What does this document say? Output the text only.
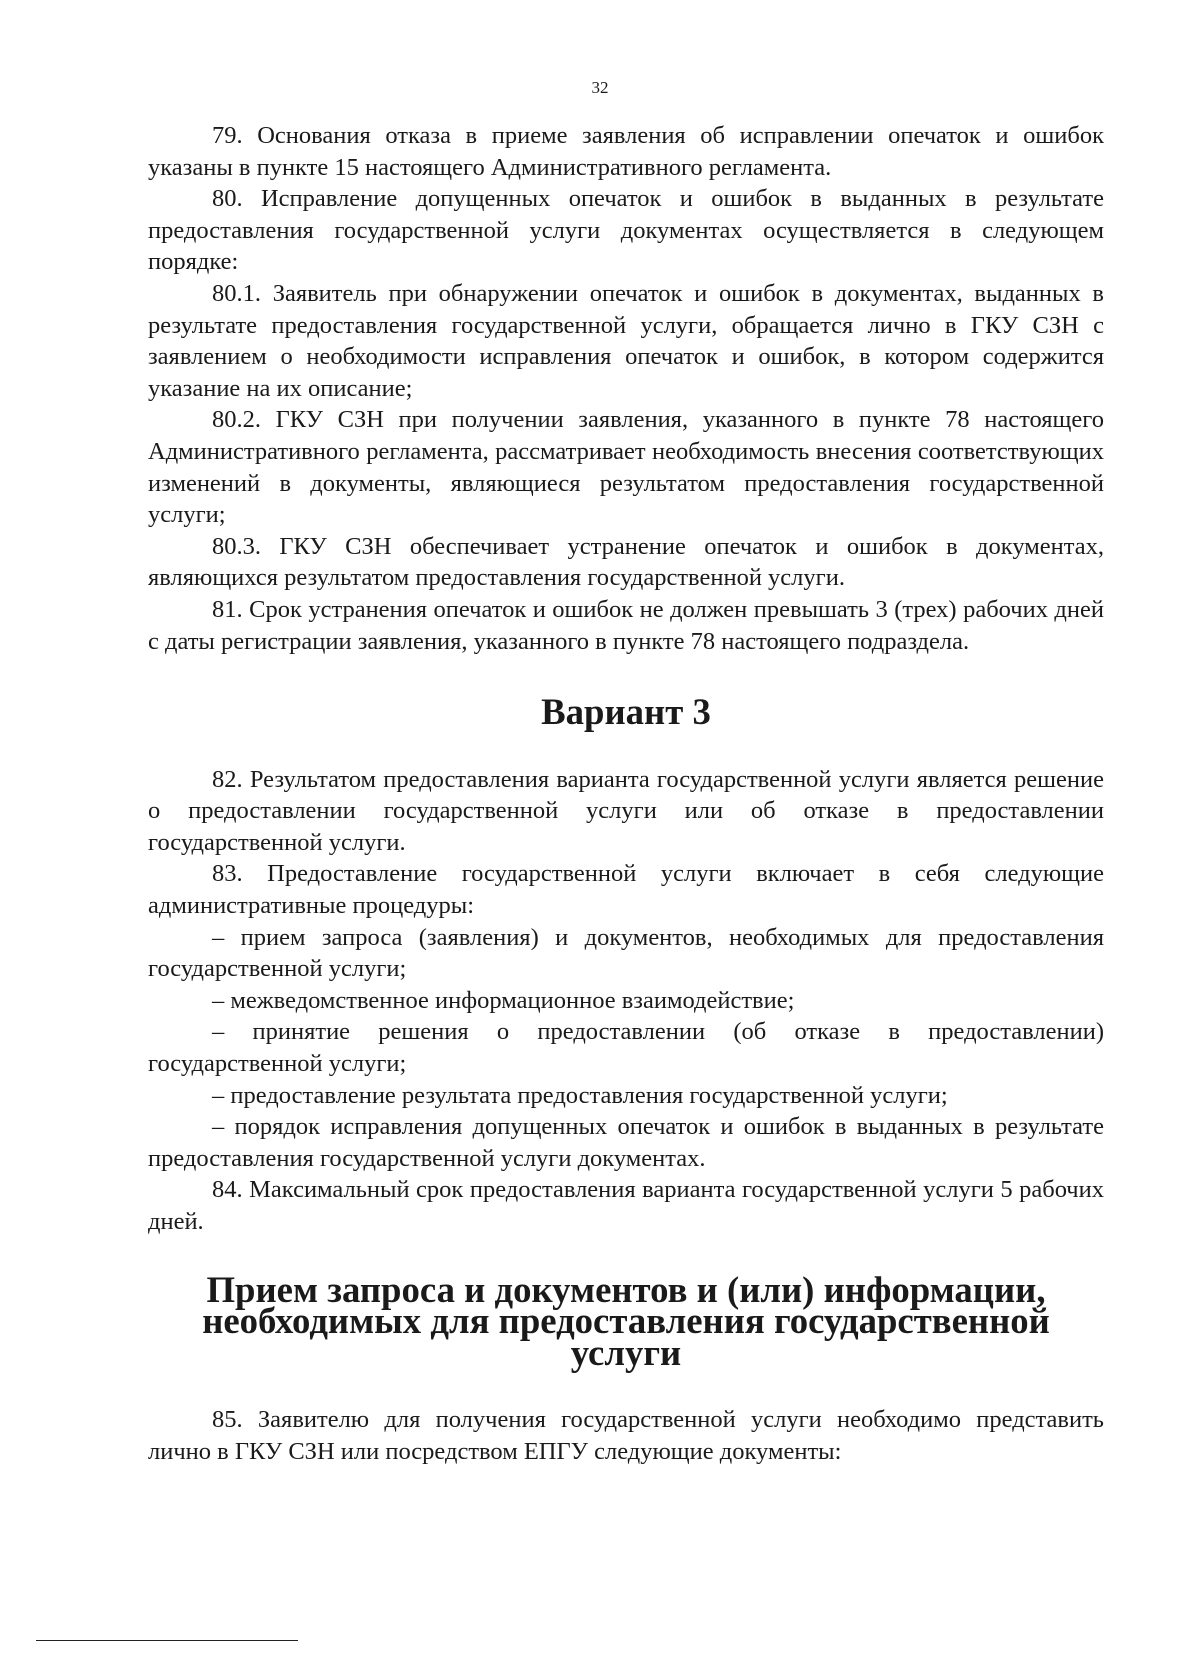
32

79. Основания отказа в приеме заявления об исправлении опечаток и ошибок указаны в пункте 15 настоящего Административного регламента.

80. Исправление допущенных опечаток и ошибок в выданных в результате предоставления государственной услуги документах осуществляется в следующем порядке:

80.1. Заявитель при обнаружении опечаток и ошибок в документах, выданных в результате предоставления государственной услуги, обращается лично в ГКУ СЗН с заявлением о необходимости исправления опечаток и ошибок, в котором содержится указание на их описание;

80.2. ГКУ СЗН при получении заявления, указанного в пункте 78 настоящего Административного регламента, рассматривает необходимость внесения соответствующих изменений в документы, являющиеся результатом предоставления государственной услуги;

80.3. ГКУ СЗН обеспечивает устранение опечаток и ошибок в документах, являющихся результатом предоставления государственной услуги.

81. Срок устранения опечаток и ошибок не должен превышать 3 (трех) рабочих дней с даты регистрации заявления, указанного в пункте 78 настоящего подраздела.

Вариант 3

82. Результатом предоставления варианта государственной услуги является решение о предоставлении государственной услуги или об отказе в предоставлении государственной услуги.

83. Предоставление государственной услуги включает в себя следующие административные процедуры:

– прием запроса (заявления) и документов, необходимых для предоставления государственной услуги;

– межведомственное информационное взаимодействие;

– принятие решения о предоставлении (об отказе в предоставлении) государственной услуги;

– предоставление результата предоставления государственной услуги;

– порядок исправления допущенных опечаток и ошибок в выданных в результате предоставления государственной услуги документах.

84. Максимальный срок предоставления варианта государственной услуги 5 рабочих дней.

Прием запроса и документов и (или) информации, необходимых для предоставления государственной услуги

85. Заявителю для получения государственной услуги необходимо представить лично в ГКУ СЗН или посредством ЕПГУ следующие документы:
